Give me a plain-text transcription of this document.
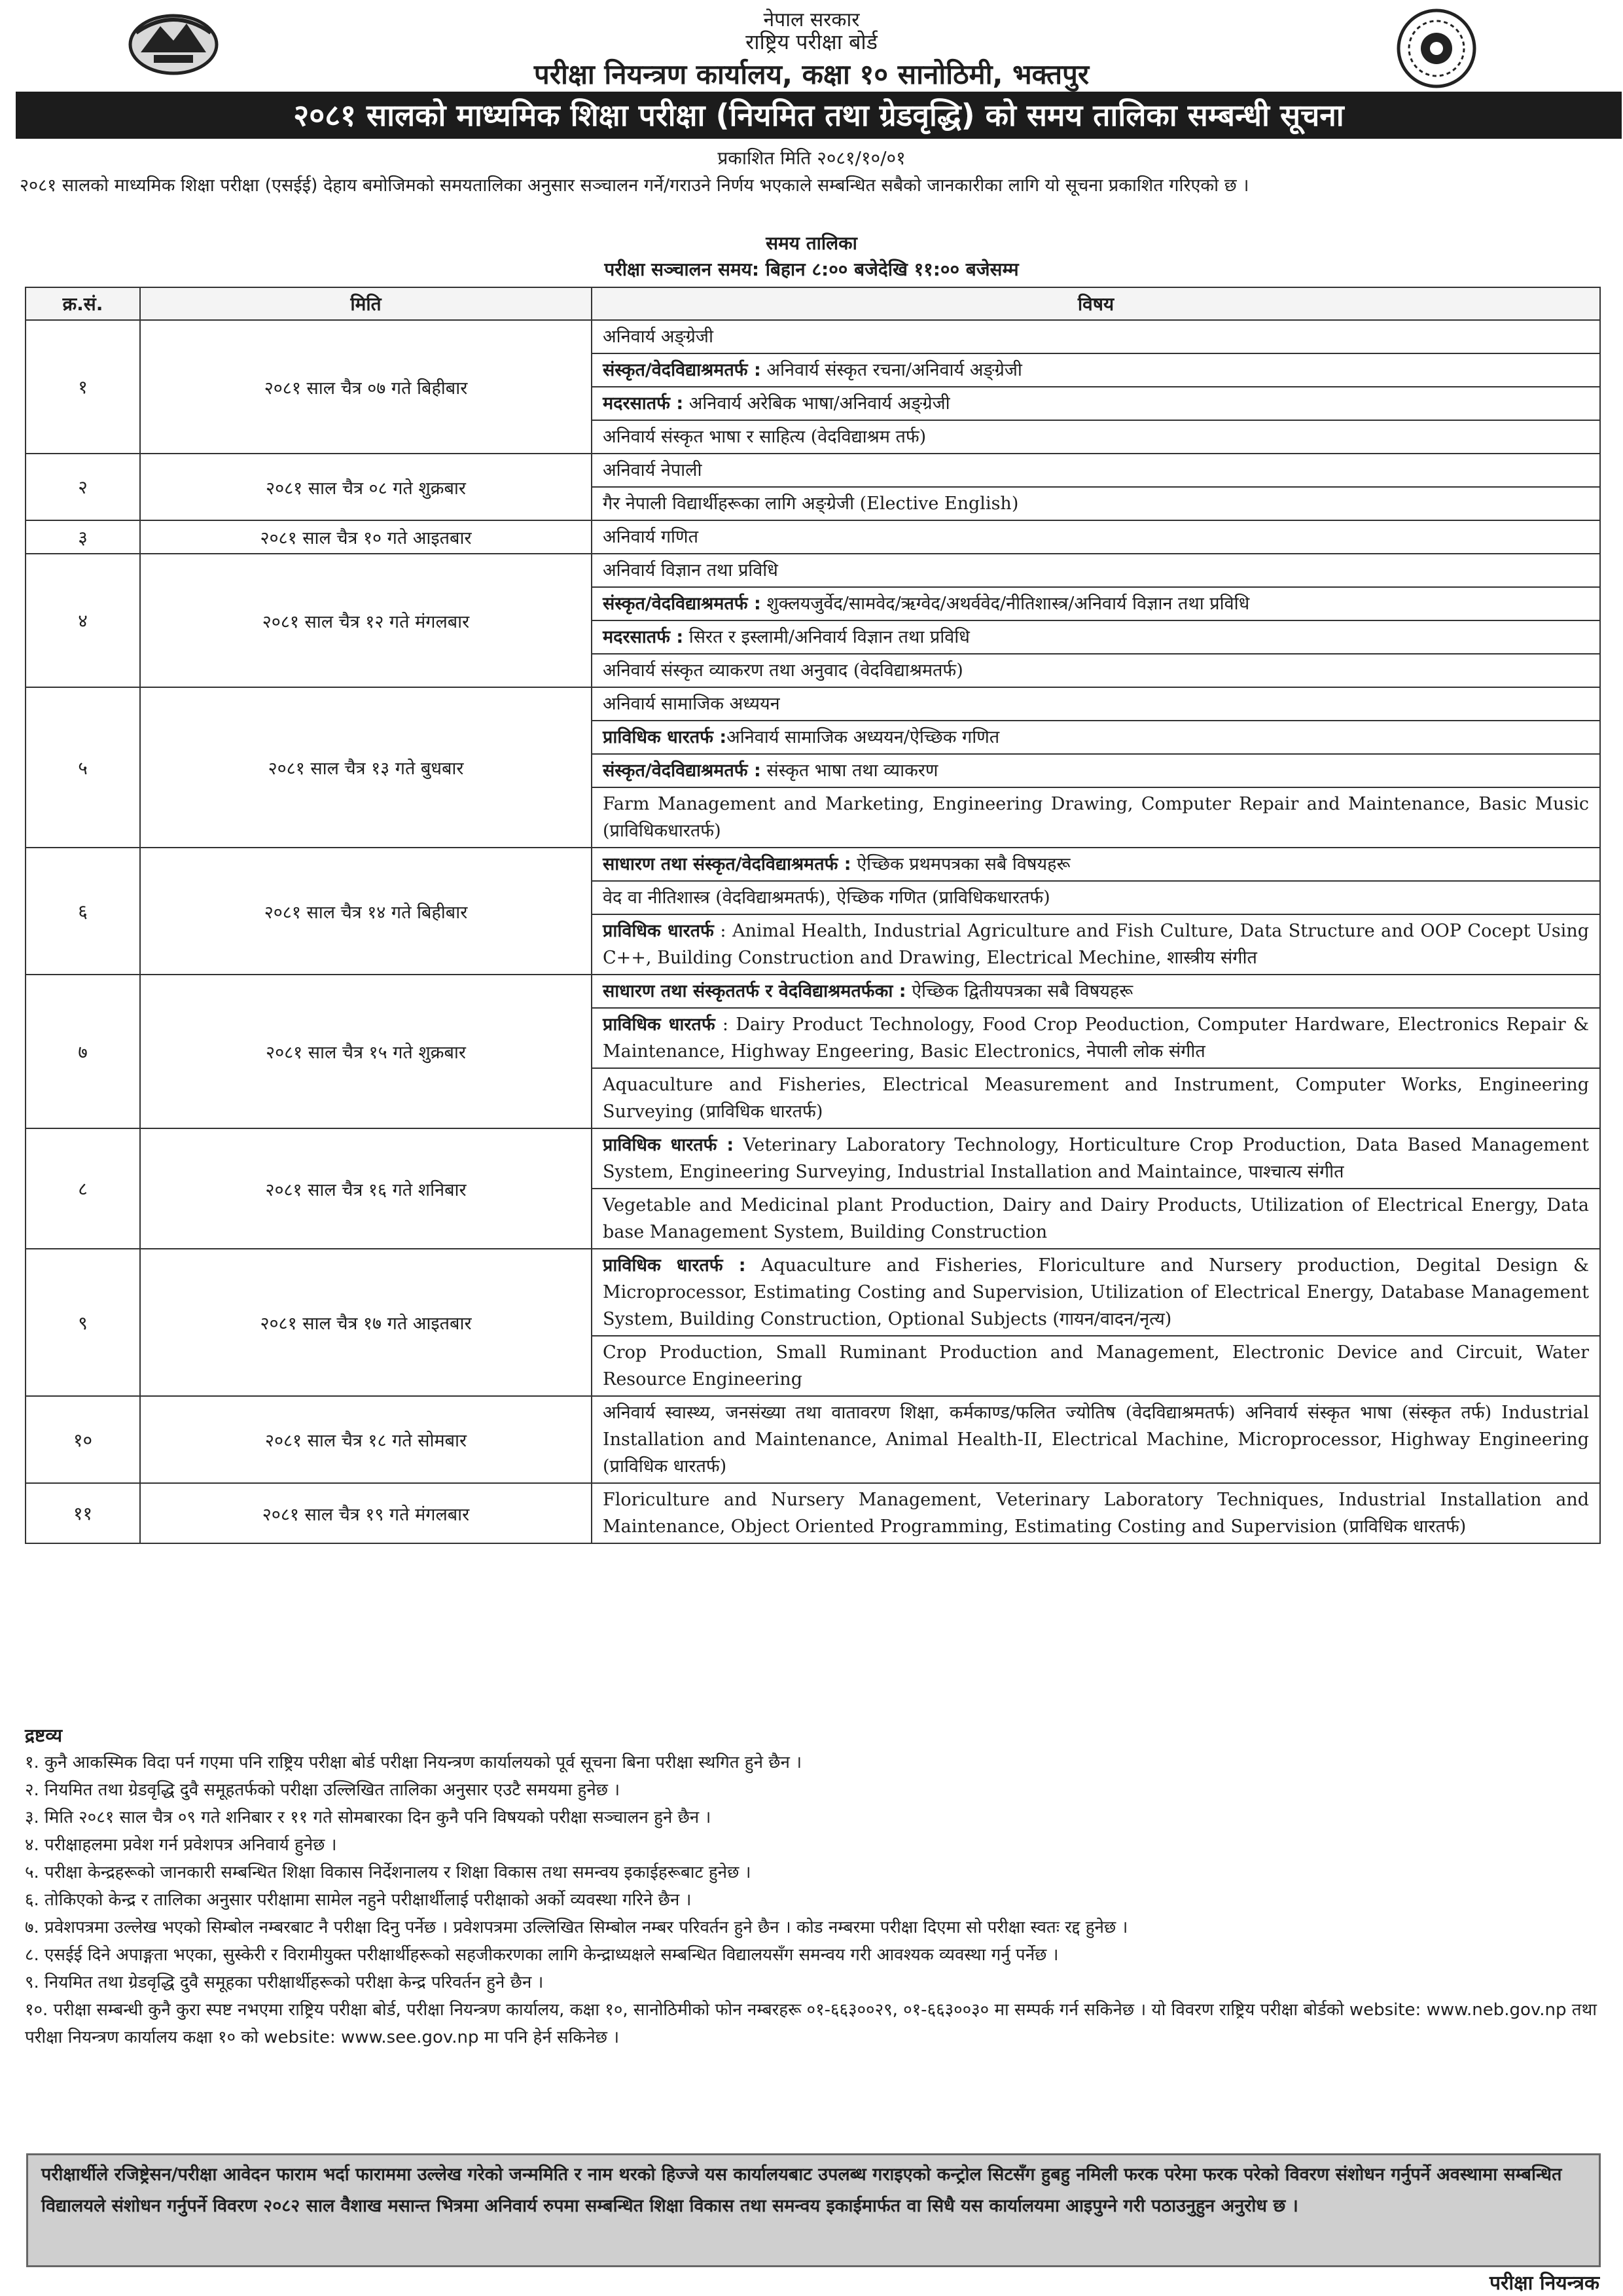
नेपाल सरकार
राष्ट्रिय परीक्षा बोर्ड
परीक्षा नियन्त्रण कार्यालय, कक्षा १० सानोठिमी, भक्तपुर
२०८१ सालको माध्यमिक शिक्षा परीक्षा (नियमित तथा ग्रेडवृद्धि) को समय तालिका सम्बन्धी सूचना
प्रकाशित मिति २०८१/१०/०१
२०८१ सालको माध्यमिक शिक्षा परीक्षा (एसईई) देहाय बमोजिमको समयतालिका अनुसार सञ्चालन गर्ने/गराउने निर्णय भएकाले सम्बन्धित सबैको जानकारीका लागि यो सूचना प्रकाशित गरिएको छ ।
समय तालिका
परीक्षा सञ्चालन समय: बिहान ८:०० बजेदेखि ११:०० बजेसम्म
क्र.सं.	मिति	विषय
१	२०८१ साल चैत्र ०७ गते बिहीबार	अनिवार्य अङ्ग्रेजी
		संस्कृत/वेदविद्याश्रमतर्फ : अनिवार्य संस्कृत रचना/अनिवार्य अङ्ग्रेजी
		मदरसातर्फ : अनिवार्य अरेबिक भाषा/अनिवार्य अङ्ग्रेजी
		अनिवार्य संस्कृत भाषा र साहित्य (वेदविद्याश्रम तर्फ)
२	२०८१ साल चैत्र ०८ गते शुक्रबार	अनिवार्य नेपाली
		गैर नेपाली विद्यार्थीहरूका लागि अङ्ग्रेजी (Elective English)
३	२०८१ साल चैत्र १० गते आइतबार	अनिवार्य गणित
४	२०८१ साल चैत्र १२ गते मंगलबार	अनिवार्य विज्ञान तथा प्रविधि
		संस्कृत/वेदविद्याश्रमतर्फ : शुक्लयजुर्वेद/सामवेद/ऋग्वेद/अथर्ववेद/नीतिशास्त्र/अनिवार्य विज्ञान तथा प्रविधि
		मदरसातर्फ : सिरत र इस्लामी/अनिवार्य विज्ञान तथा प्रविधि
		अनिवार्य संस्कृत व्याकरण तथा अनुवाद (वेदविद्याश्रमतर्फ)
५	२०८१ साल चैत्र १३ गते बुधबार	अनिवार्य सामाजिक अध्ययन
		प्राविधिक धारतर्फ :अनिवार्य सामाजिक अध्ययन/ऐच्छिक गणित
		संस्कृत/वेदविद्याश्रमतर्फ : संस्कृत भाषा तथा व्याकरण
		Farm Management and Marketing, Engineering Drawing, Computer Repair and Maintenance, Basic Music (प्राविधिकधारतर्फ)
६	२०८१ साल चैत्र १४ गते बिहीबार	साधारण तथा संस्कृत/वेदविद्याश्रमतर्फ : ऐच्छिक प्रथमपत्रका सबै विषयहरू
		वेद वा नीतिशास्त्र (वेदविद्याश्रमतर्फ), ऐच्छिक गणित (प्राविधिकधारतर्फ)
		प्राविधिक धारतर्फ : Animal Health, Industrial Agriculture and Fish Culture, Data Structure and OOP Cocept Using C++, Building Construction and Drawing, Electrical Mechine, शास्त्रीय संगीत
७	२०८१ साल चैत्र १५ गते शुक्रबार	साधारण तथा संस्कृततर्फ र वेदविद्याश्रमतर्फका : ऐच्छिक द्वितीयपत्रका सबै विषयहरू
		प्राविधिक धारतर्फ : Dairy Product Technology, Food Crop Peoduction, Computer Hardware, Electronics Repair & Maintenance, Highway Engeering, Basic Electronics, नेपाली लोक संगीत
		Aquaculture and Fisheries, Electrical Measurement and Instrument, Computer Works, Engineering Surveying (प्राविधिक धारतर्फ)
८	२०८१ साल चैत्र १६ गते शनिबार	प्राविधिक धारतर्फ : Veterinary Laboratory Technology, Horticulture Crop Production, Data Based Management System, Engineering Surveying, Industrial Installation and Maintaince, पाश्चात्य संगीत
		Vegetable and Medicinal plant Production, Dairy and Dairy Products, Utilization of Electrical Energy, Data base Management System, Building Construction
९	२०८१ साल चैत्र १७ गते आइतबार	प्राविधिक धारतर्फ : Aquaculture and Fisheries, Floriculture and Nursery production, Degital Design & Microprocessor, Estimating Costing and Supervision, Utilization of Electrical Energy, Database Management System, Building Construction, Optional Subjects (गायन/वादन/नृत्य)
		Crop Production, Small Ruminant Production and Management, Electronic Device and Circuit, Water Resource Engineering
१०	२०८१ साल चैत्र १८ गते सोमबार	अनिवार्य स्वास्थ्य, जनसंख्या तथा वातावरण शिक्षा, कर्मकाण्ड/फलित ज्योतिष (वेदविद्याश्रमतर्फ) अनिवार्य संस्कृत भाषा (संस्कृत तर्फ) Industrial Installation and Maintenance, Animal Health-II, Electrical Machine, Microprocessor, Highway Engineering (प्राविधिक धारतर्फ)
११	२०८१ साल चैत्र १९ गते मंगलबार	Floriculture and Nursery Management, Veterinary Laboratory Techniques, Industrial Installation and Maintenance, Object Oriented Programming, Estimating Costing and Supervision (प्राविधिक धारतर्फ)
द्रष्टव्य

१. कुनै आकस्मिक विदा पर्न गएमा पनि राष्ट्रिय परीक्षा बोर्ड परीक्षा नियन्त्रण कार्यालयको पूर्व सूचना बिना परीक्षा स्थगित हुने छैन ।

२. नियमित तथा ग्रेडवृद्धि दुवै समूहतर्फको परीक्षा उल्लिखित तालिका अनुसार एउटै समयमा हुनेछ ।

३. मिति २०८१ साल चैत्र ०९ गते शनिबार र ११ गते सोमबारका दिन कुनै पनि विषयको परीक्षा सञ्चालन हुने छैन ।

४. परीक्षाहलमा प्रवेश गर्न प्रवेशपत्र अनिवार्य हुनेछ ।

५. परीक्षा केन्द्रहरूको जानकारी सम्बन्धित शिक्षा विकास निर्देशनालय र शिक्षा विकास तथा समन्वय इकाईहरूबाट हुनेछ ।

६. तोकिएको केन्द्र र तालिका अनुसार परीक्षामा सामेल नहुने परीक्षार्थीलाई परीक्षाको अर्को व्यवस्था गरिने छैन ।

७. प्रवेशपत्रमा उल्लेख भएको सिम्बोल नम्बरबाट नै परीक्षा दिनु पर्नेछ । प्रवेशपत्रमा उल्लिखित सिम्बोल नम्बर परिवर्तन हुने छैन । कोड नम्बरमा परीक्षा दिएमा सो परीक्षा स्वतः रद्द हुनेछ ।

८. एसईई दिने अपाङ्गता भएका, सुस्केरी र विरामीयुक्त परीक्षार्थीहरूको सहजीकरणका लागि केन्द्राध्यक्षले सम्बन्धित विद्यालयसँग समन्वय गरी आवश्यक व्यवस्था गर्नु पर्नेछ ।

९. नियमित तथा ग्रेडवृद्धि दुवै समूहका परीक्षार्थीहरूको परीक्षा केन्द्र परिवर्तन हुने छैन ।

१०. परीक्षा सम्बन्धी कुनै कुरा स्पष्ट नभएमा राष्ट्रिय परीक्षा बोर्ड, परीक्षा नियन्त्रण कार्यालय, कक्षा १०, सानोठिमीको फोन नम्बरहरू ०१-६६३००२९, ०१-६६३००३० मा सम्पर्क गर्न सकिनेछ । यो विवरण राष्ट्रिय परीक्षा बोर्डको website: www.neb.gov.np तथा परीक्षा नियन्त्रण कार्यालय कक्षा १० को website: www.see.gov.np मा पनि हेर्न सकिनेछ ।

परीक्षार्थीले रजिष्ट्रेसन/परीक्षा आवेदन फाराम भर्दा फाराममा उल्लेख गरेको जन्ममिति र नाम थरको हिज्जे यस कार्यालयबाट उपलब्ध गराइएको कन्ट्रोल सिटसँग हुबहु नमिली फरक परेमा फरक परेको विवरण संशोधन गर्नुपर्ने अवस्थामा सम्बन्धित विद्यालयले संशोधन गर्नुपर्ने विवरण २०८२ साल वैशाख मसान्त भित्रमा अनिवार्य रुपमा सम्बन्धित शिक्षा विकास तथा समन्वय इकाईमार्फत वा सिधै यस कार्यालयमा आइपुग्ने गरी पठाउनुहुन अनुरोध छ ।
परीक्षा नियन्त्रक
